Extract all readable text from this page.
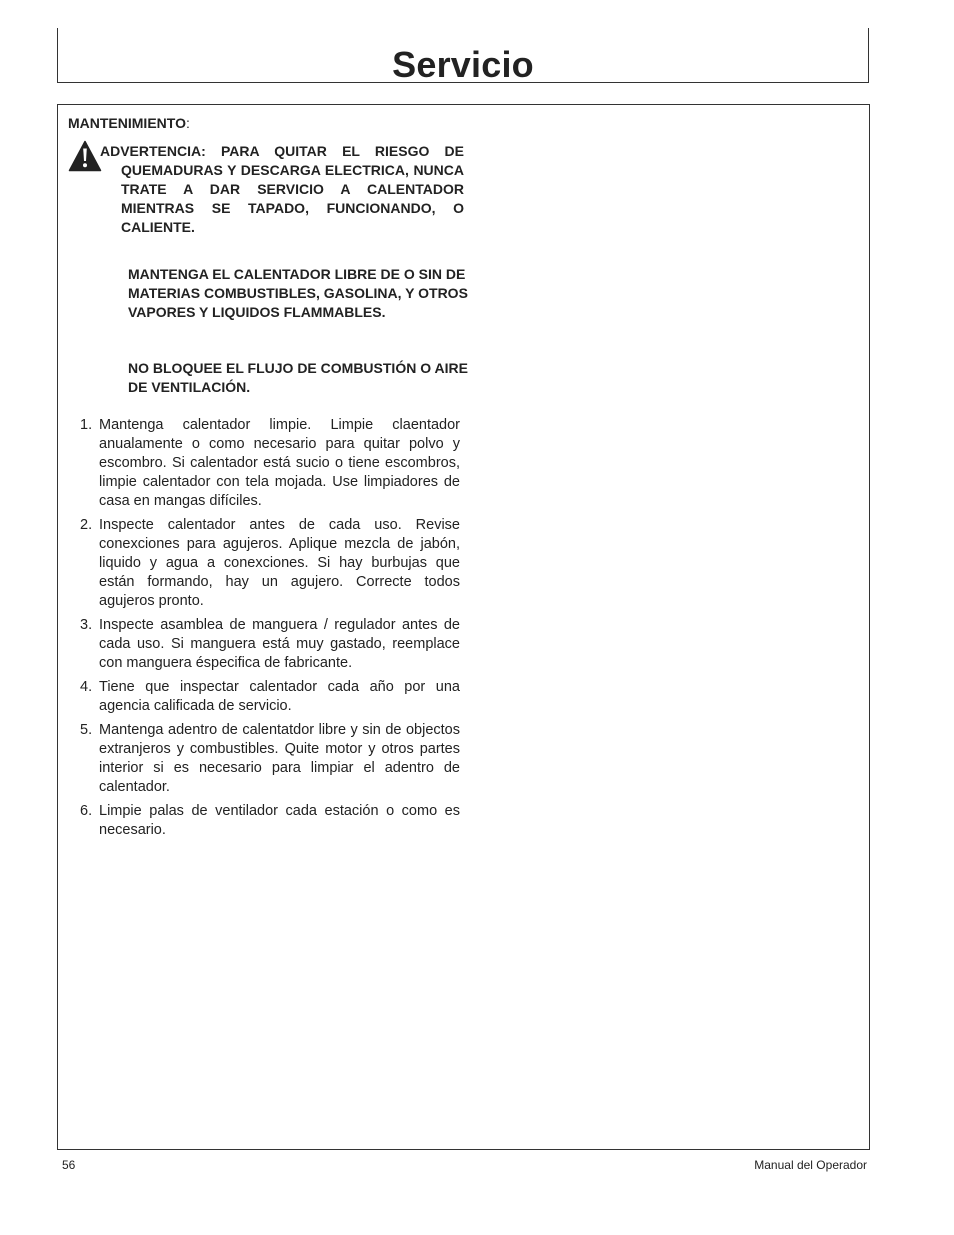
Servicio
MANTENIMIENTO:
ADVERTENCIA: PARA QUITAR EL RIESGO DE QUEMADURAS Y DESCARGA ELECTRICA, NUNCA TRATE A DAR SERVICIO A CALENTADOR MIENTRAS SE TAPADO, FUNCIONANDO, O CALIENTE.
MANTENGA EL CALENTADOR LIBRE DE O SIN DE MATERIAS COMBUSTIBLES, GASOLINA, Y OTROS VAPORES Y LIQUIDOS FLAMMABLES.
NO BLOQUEE EL FLUJO DE COMBUSTIÓN O AIRE DE VENTILACIÓN.
1. Mantenga calentador limpie. Limpie claentador anualamente o como necesario para quitar polvo y escombro. Si calentador está sucio o tiene escombros, limpie calentador con tela mojada. Use limpiadores de casa en mangas difíciles.
2. Inspecte calentador antes de cada uso. Revise conexciones para agujeros. Aplique mezcla de jabón, liquido y agua a conexciones. Si hay burbujas que están formando, hay un agujero. Correcte todos agujeros pronto.
3. Inspecte asamblea de manguera / regulador antes de cada uso. Si manguera está muy gastado, reemplace con manguera éspecifica de fabricante.
4. Tiene que inspectar calentador cada año por una agencia calificada de servicio.
5. Mantenga adentro de calentatdor libre y sin de objectos extranjeros y combustibles. Quite motor y otros partes interior si es necesario para limpiar el adentro de calentador.
6. Limpie palas de ventilador cada estación o como es necesario.
56	Manual del Operador
